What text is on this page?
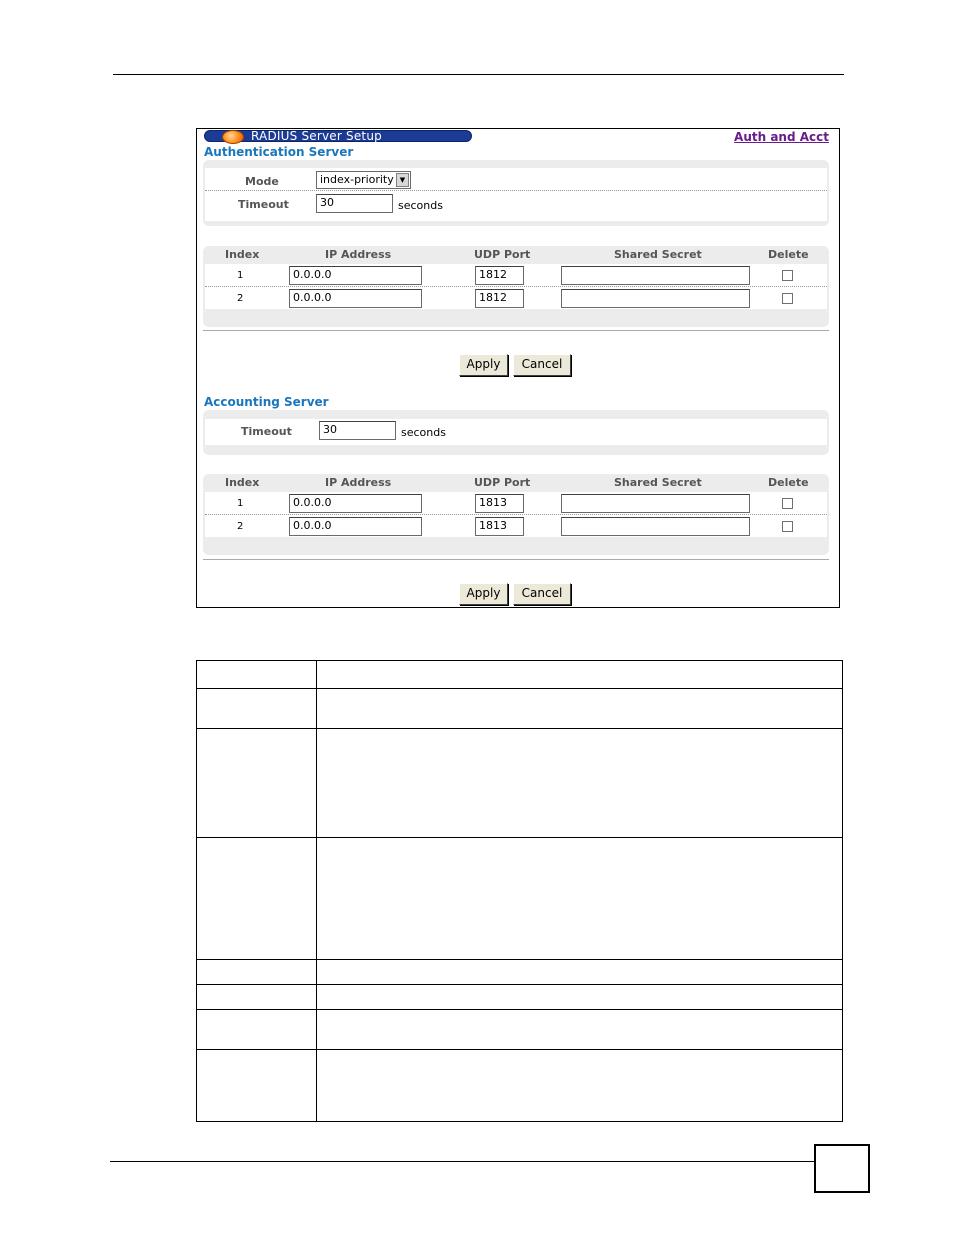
RADIUS Server Setup	Auth and Acct
Authentication Server
Mode	index-priority ▼
Timeout	30	seconds
Index	IP Address	UDP Port	Shared Secret	Delete
1	0.0.0.0	1812
2	0.0.0.0	1812
Apply	Cancel
Accounting Server
Timeout	30	seconds
Index	IP Address	UDP Port	Shared Secret	Delete
1	0.0.0.0	1813
2	0.0.0.0	1813
Apply	Cancel
